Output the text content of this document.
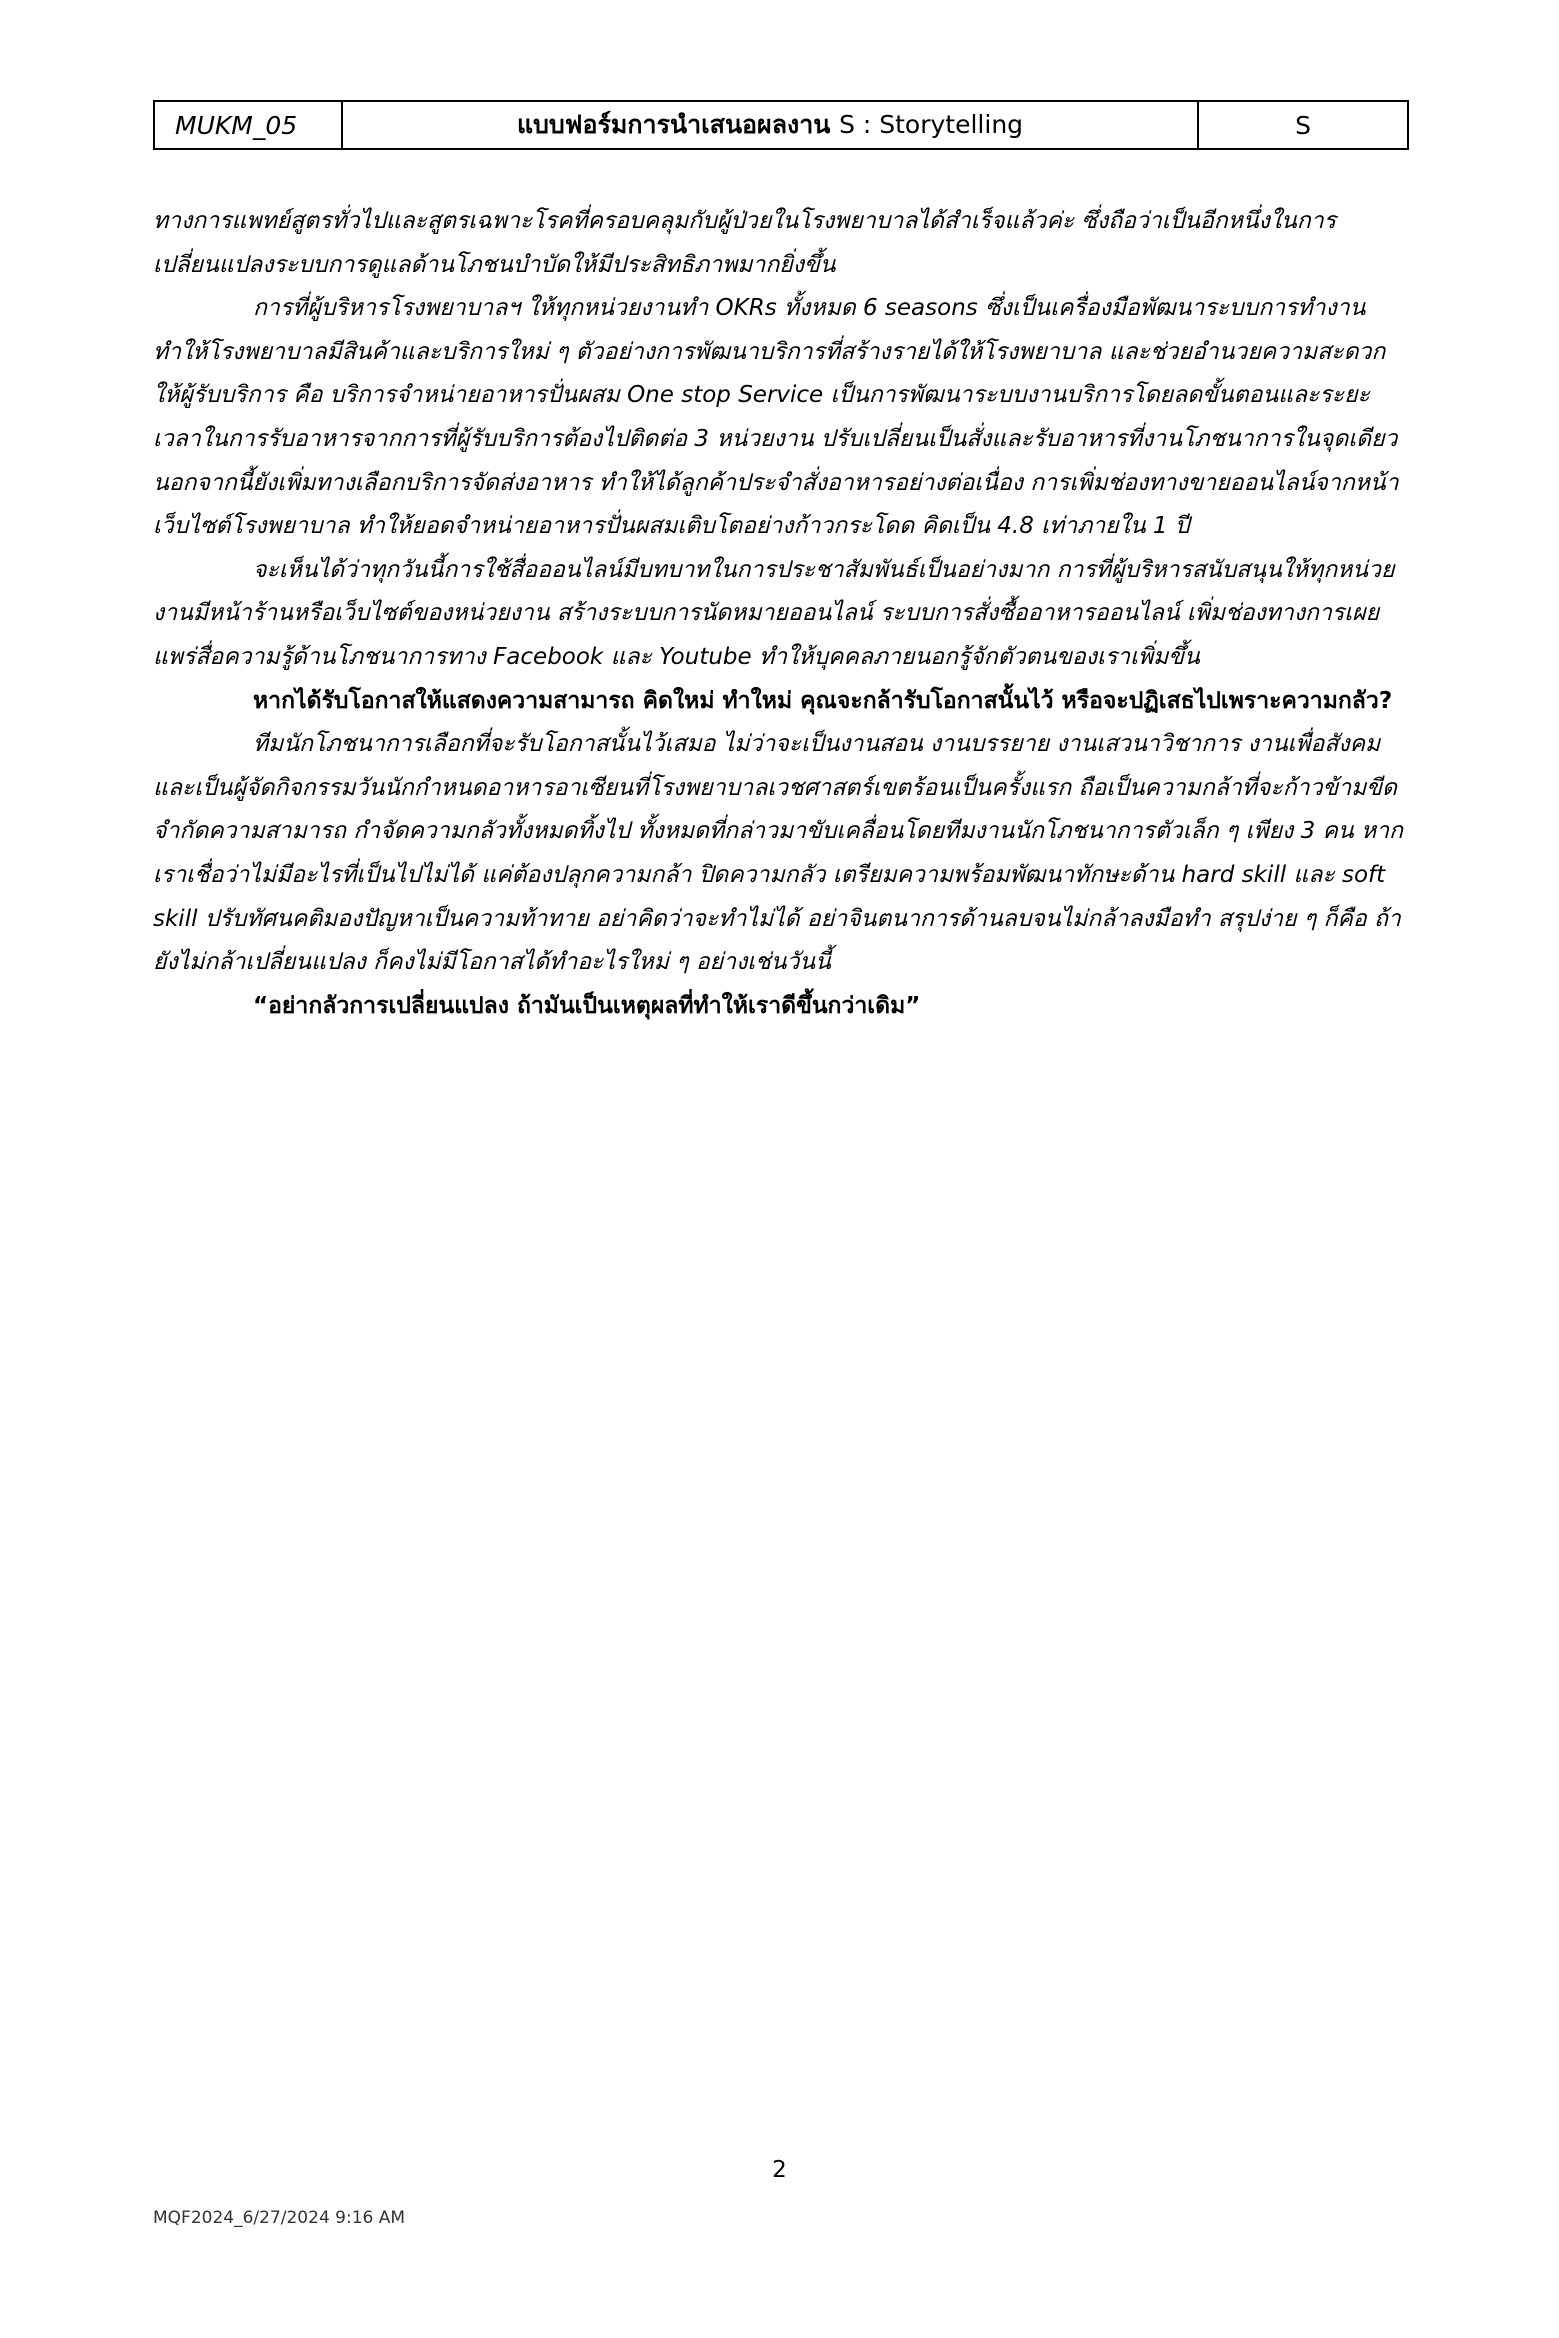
MUKM_05	แบบฟอร์มการนำเสนอผลงาน S : Storytelling	S

ทางการแพทย์สูตรทั่วไปและสูตรเฉพาะโรคที่ครอบคลุมกับผู้ป่วยในโรงพยาบาลได้สำเร็จแล้วค่ะ ซึ่งถือว่าเป็นอีกหนึ่งในการเปลี่ยนแปลงระบบการดูแลด้านโภชนบำบัดให้มีประสิทธิภาพมากยิ่งขึ้น

การที่ผู้บริหารโรงพยาบาลฯ ให้ทุกหน่วยงานทำ OKRs ทั้งหมด 6 seasons ซึ่งเป็นเครื่องมือพัฒนาระบบการทำงานทำให้โรงพยาบาลมีสินค้าและบริการใหม่ ๆ ตัวอย่างการพัฒนาบริการที่สร้างรายได้ให้โรงพยาบาล และช่วยอำนวยความสะดวกให้ผู้รับบริการ คือ บริการจำหน่ายอาหารปั่นผสม One stop Service เป็นการพัฒนาระบบงานบริการโดยลดขั้นตอนและระยะเวลาในการรับอาหารจากการที่ผู้รับบริการต้องไปติดต่อ 3 หน่วยงาน ปรับเปลี่ยนเป็นสั่งและรับอาหารที่งานโภชนาการในจุดเดียว นอกจากนี้ยังเพิ่มทางเลือกบริการจัดส่งอาหาร ทำให้ได้ลูกค้าประจำสั่งอาหารอย่างต่อเนื่อง การเพิ่มช่องทางขายออนไลน์จากหน้าเว็บไซต์โรงพยาบาล ทำให้ยอดจำหน่ายอาหารปั่นผสมเติบโตอย่างก้าวกระโดด คิดเป็น 4.8 เท่าภายใน 1 ปี

จะเห็นได้ว่าทุกวันนี้การใช้สื่อออนไลน์มีบทบาทในการประชาสัมพันธ์เป็นอย่างมาก การที่ผู้บริหารสนับสนุนให้ทุกหน่วยงานมีหน้าร้านหรือเว็บไซต์ของหน่วยงาน สร้างระบบการนัดหมายออนไลน์ ระบบการสั่งซื้ออาหารออนไลน์ เพิ่มช่องทางการเผยแพร่สื่อความรู้ด้านโภชนาการทาง Facebook และ Youtube ทำให้บุคคลภายนอกรู้จักตัวตนของเราเพิ่มขึ้น

หากได้รับโอกาสให้แสดงความสามารถ คิดใหม่ ทำใหม่ คุณจะกล้ารับโอกาสนั้นไว้ หรือจะปฏิเสธไปเพราะความกลัว?

ทีมนักโภชนาการเลือกที่จะรับโอกาสนั้นไว้เสมอ ไม่ว่าจะเป็นงานสอน งานบรรยาย งานเสวนาวิชาการ งานเพื่อสังคม และเป็นผู้จัดกิจกรรมวันนักกำหนดอาหารอาเซียนที่โรงพยาบาลเวชศาสตร์เขตร้อนเป็นครั้งแรก ถือเป็นความกล้าที่จะก้าวข้ามขีดจำกัดความสามารถ กำจัดความกลัวทั้งหมดทิ้งไป ทั้งหมดที่กล่าวมาขับเคลื่อนโดยทีมงานนักโภชนาการตัวเล็ก ๆ เพียง 3 คน หากเราเชื่อว่าไม่มีอะไรที่เป็นไปไม่ได้ แค่ต้องปลุกความกล้า ปิดความกลัว เตรียมความพร้อมพัฒนาทักษะด้าน hard skill และ soft skill ปรับทัศนคติมองปัญหาเป็นความท้าทาย อย่าคิดว่าจะทำไม่ได้ อย่าจินตนาการด้านลบจนไม่กล้าลงมือทำ สรุปง่าย ๆ ก็คือ ถ้ายังไม่กล้าเปลี่ยนแปลง ก็คงไม่มีโอกาสได้ทำอะไรใหม่ ๆ อย่างเช่นวันนี้

“อย่ากลัวการเปลี่ยนแปลง ถ้ามันเป็นเหตุผลที่ทำให้เราดีขึ้นกว่าเดิม”

2
MQF2024_6/27/2024 9:16 AM
